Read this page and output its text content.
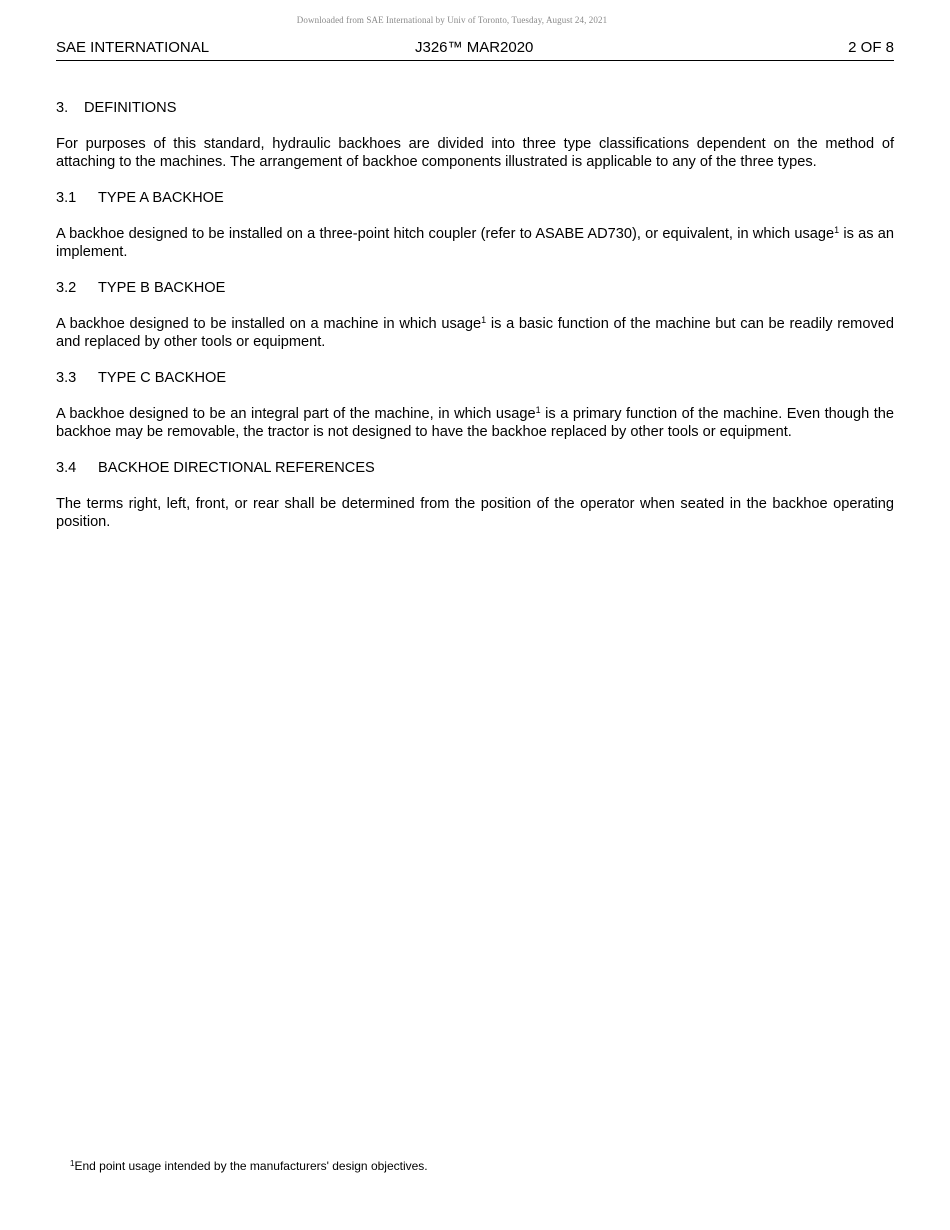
Downloaded from SAE International by Univ of Toronto, Tuesday, August 24, 2021
SAE INTERNATIONAL	J326™ MAR2020	2 OF 8
3. DEFINITIONS

For purposes of this standard, hydraulic backhoes are divided into three type classifications dependent on the method of attaching to the machines. The arrangement of backhoe components illustrated is applicable to any of the three types.

3.1 TYPE A BACKHOE

A backhoe designed to be installed on a three-point hitch coupler (refer to ASABE AD730), or equivalent, in which usage$^1$ is as an implement.

3.2 TYPE B BACKHOE

A backhoe designed to be installed on a machine in which usage$^1$ is a basic function of the machine but can be readily removed and replaced by other tools or equipment.

3.3 TYPE C BACKHOE

A backhoe designed to be an integral part of the machine, in which usage$^1$ is a primary function of the machine. Even though the backhoe may be removable, the tractor is not designed to have the backhoe replaced by other tools or equipment.

3.4 BACKHOE DIRECTIONAL REFERENCES

The terms right, left, front, or rear shall be determined from the position of the operator when seated in the backhoe operating position.

$^1$End point usage intended by the manufacturers' design objectives.
